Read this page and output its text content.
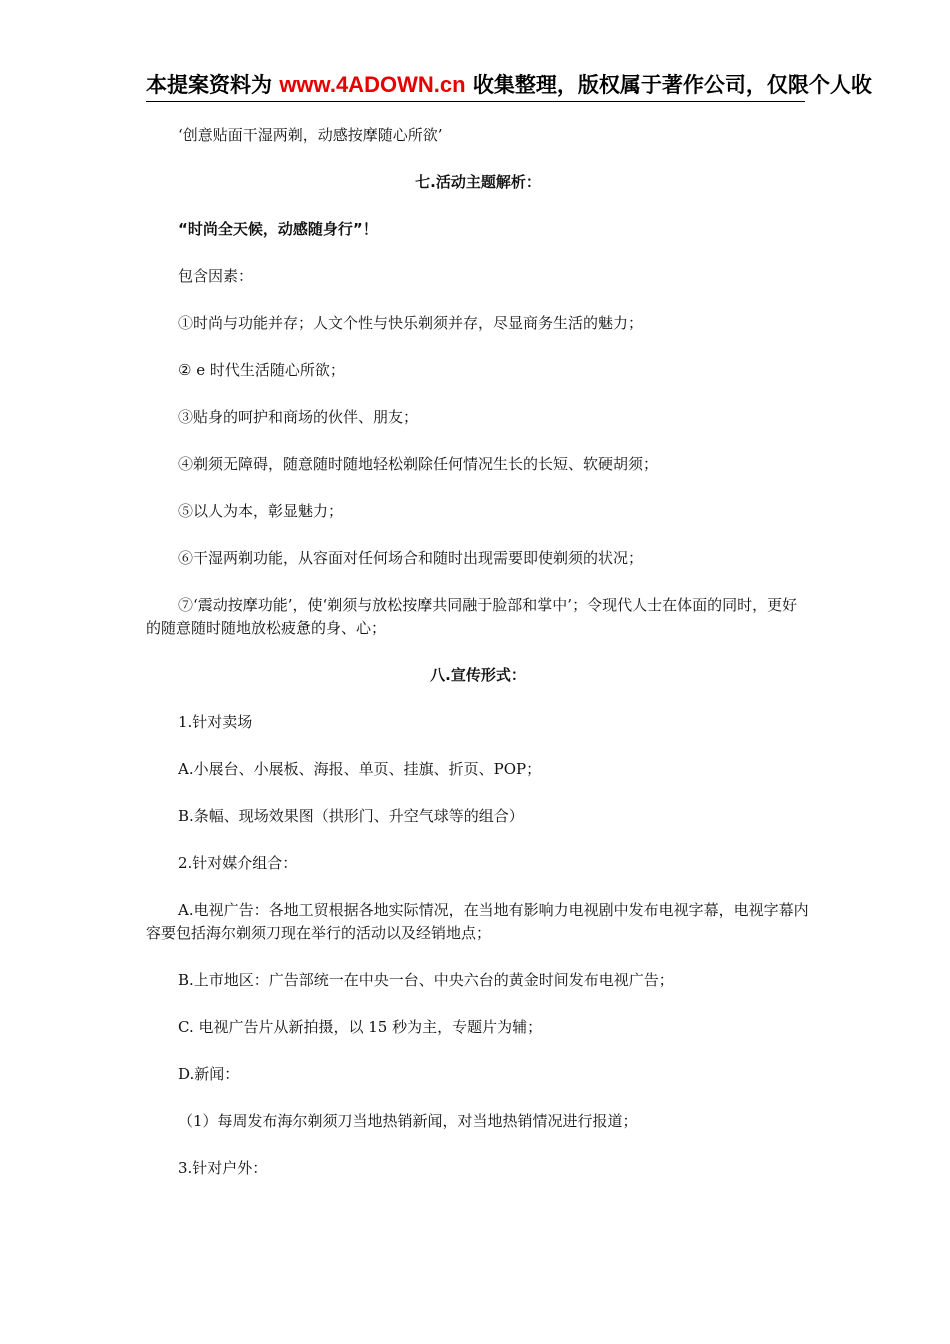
本提案资料为 www.4ADOWN.cn 收集整理，版权属于著作公司，仅限个人收

‘创意贴面干湿两剃，动感按摩随心所欲’

七.活动主题解析：

“时尚全天候，动感随身行”！

包含因素：

①时尚与功能并存；人文个性与快乐剃须并存，尽显商务生活的魅力；

② e 时代生活随心所欲；

③贴身的呵护和商场的伙伴、朋友；

④剃须无障碍，随意随时随地轻松剃除任何情况生长的长短、软硬胡须；

⑤以人为本，彰显魅力；

⑥干湿两剃功能，从容面对任何场合和随时出现需要即使剃须的状况；

⑦‘震动按摩功能’，使‘剃须与放松按摩共同融于脸部和掌中’；令现代人士在体面的同时，更好的随意随时随地放松疲惫的身、心；

八.宣传形式：

1.针对卖场

A.小展台、小展板、海报、单页、挂旗、折页、POP；

B.条幅、现场效果图（拱形门、升空气球等的组合）

2.针对媒介组合：

A.电视广告：各地工贸根据各地实际情况，在当地有影响力电视剧中发布电视字幕，电视字幕内容要包括海尔剃须刀现在举行的活动以及经销地点；

B.上市地区：广告部统一在中央一台、中央六台的黄金时间发布电视广告；

C. 电视广告片从新拍摄，以 15 秒为主，专题片为辅；

D.新闻：

（1）每周发布海尔剃须刀当地热销新闻，对当地热销情况进行报道；

3.针对户外：
